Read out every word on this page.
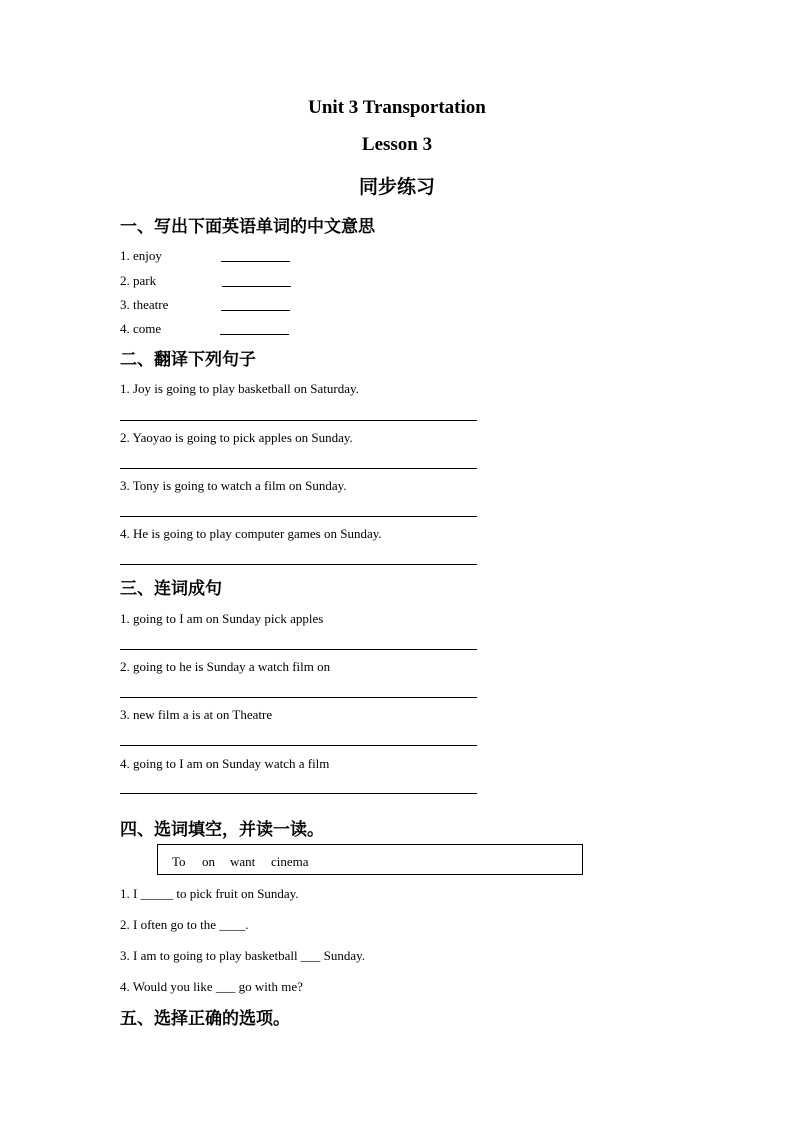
Unit 3 Transportation
Lesson 3
同步练习
一、写出下面英语单词的中文意思
1. enjoy
2. park
3. theatre
4. come
二、翻译下列句子
1. Joy is going to play basketball on Saturday.
2. Yaoyao is going to pick apples on Sunday.
3. Tony is going to watch a film on Sunday.
4. He is going to play computer games on Sunday.
三、连词成句
1. going to I am on Sunday pick apples
2. going to he is Sunday a watch film on
3. new film a is at on Theatre
4. going to I am on Sunday watch a film
四、选词填空，并读一读。
To on want cinema
1. I _____ to pick fruit on Sunday.
2. I often go to the ____.
3. I am to going to play basketball ___ Sunday.
4. Would you like ___ go with me?
五、选择正确的选项。
